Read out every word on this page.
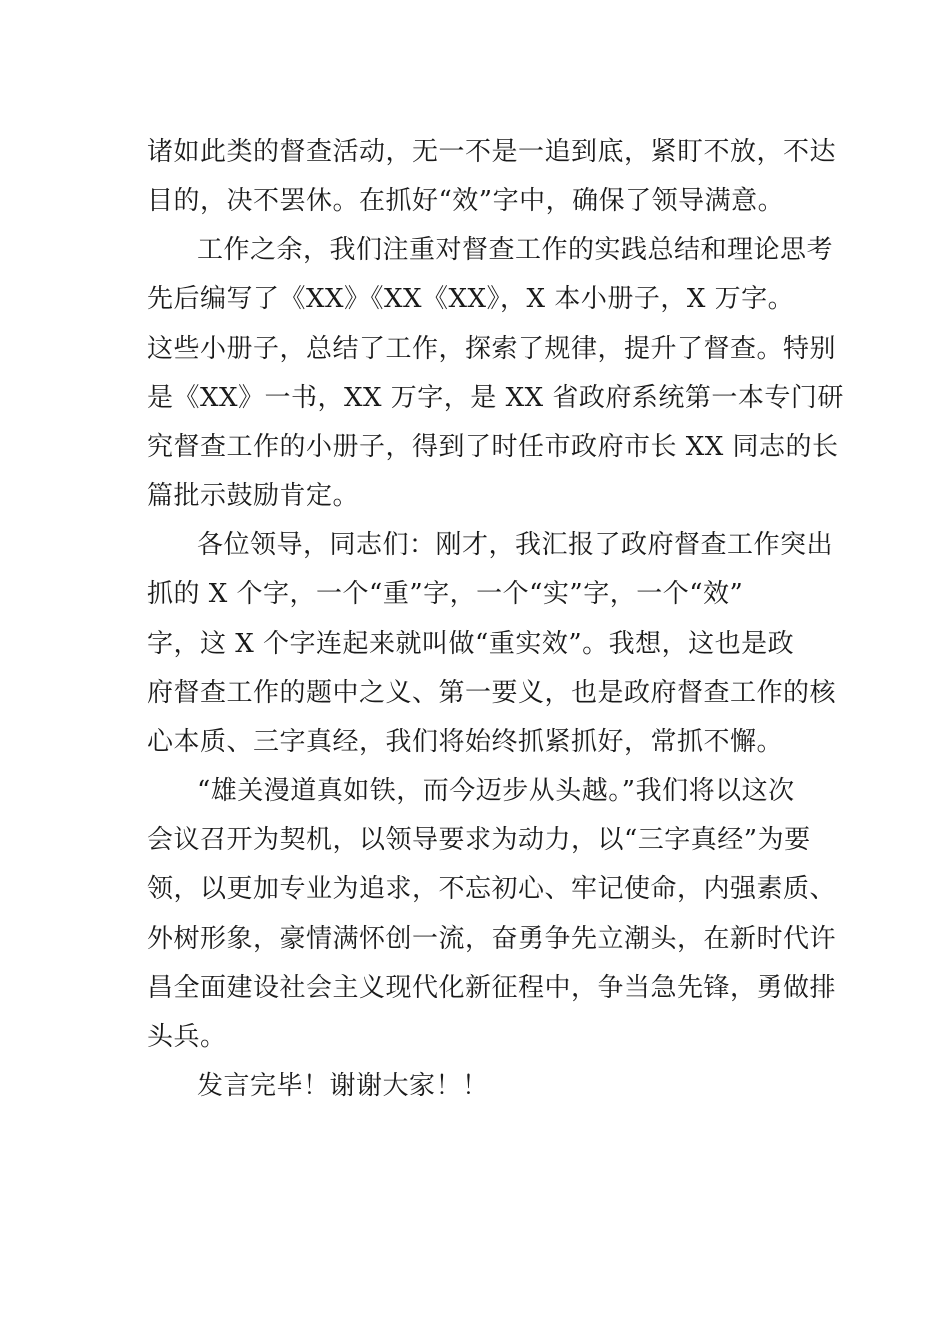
诸如此类的督查活动，无一不是一追到底，紧盯不放，不达
目的，决不罢休。在抓好“效”字中，确保了领导满意。
工作之余，我们注重对督查工作的实践总结和理论思考
先后编写了《XX》《XX《XX》，X 本小册子，X 万字。
这些小册子，总结了工作，探索了规律，提升了督查。特别
是《XX》一书，XX 万字，是 XX 省政府系统第一本专门研
究督查工作的小册子，得到了时任市政府市长 XX 同志的长
篇批示鼓励肯定。
各位领导，同志们：刚才，我汇报了政府督查工作突出
抓的 X 个字，一个“重”字，一个“实”字，一个“效”
字，这 X 个字连起来就叫做“重实效”。我想，这也是政
府督查工作的题中之义、第一要义，也是政府督查工作的核
心本质、三字真经，我们将始终抓紧抓好，常抓不懈。
“雄关漫道真如铁，而今迈步从头越。”我们将以这次
会议召开为契机，以领导要求为动力，以“三字真经”为要
领，以更加专业为追求，不忘初心、牢记使命，内强素质、
外树形象，豪情满怀创一流，奋勇争先立潮头，在新时代许
昌全面建设社会主义现代化新征程中，争当急先锋，勇做排
头兵。
发言完毕！谢谢大家！！
